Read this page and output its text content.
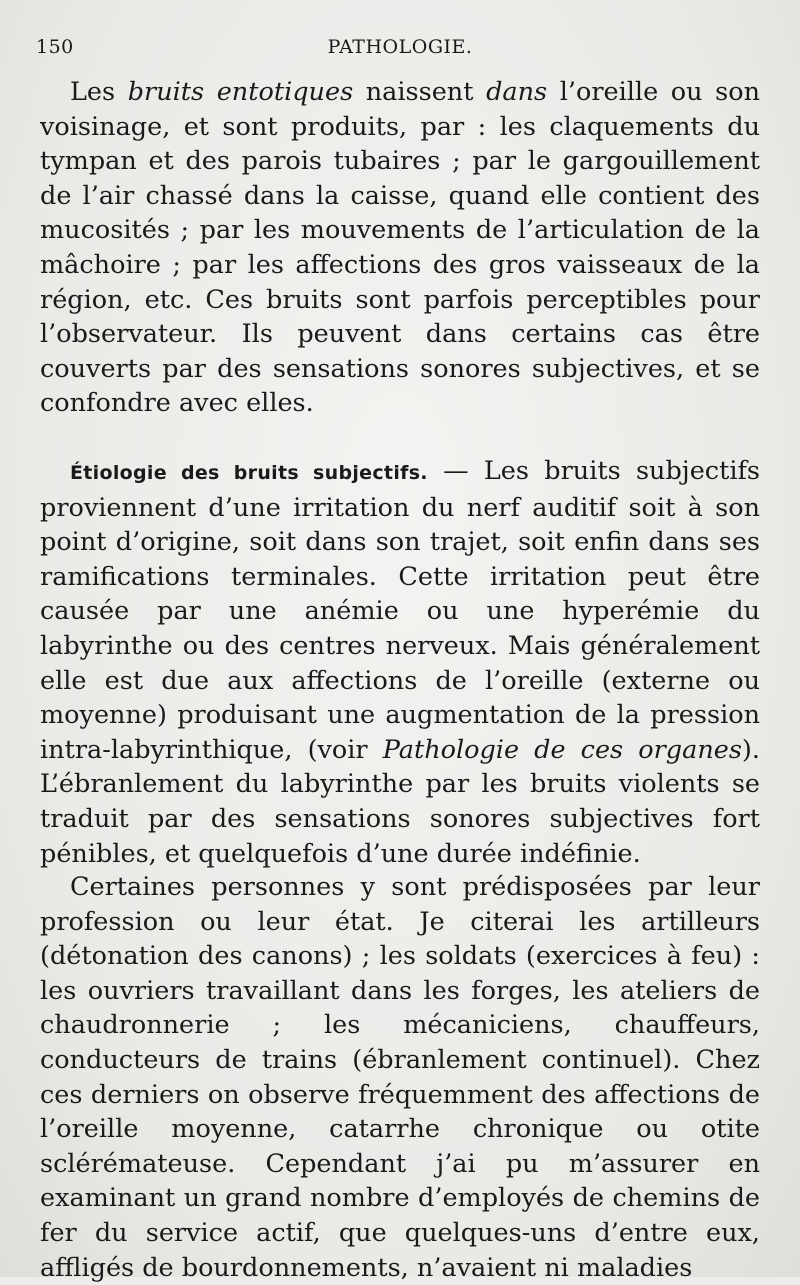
150	PATHOLOGIE.

Les bruits entotiques naissent dans l’oreille ou son voisinage, et sont produits, par : les claquements du tympan et des parois tubaires ; par le gargouillement de l’air chassé dans la caisse, quand elle contient des mucosités ; par les mouvements de l’articulation de la mâchoire ; par les affections des gros vaisseaux de la région, etc. Ces bruits sont parfois perceptibles pour l’observateur. Ils peuvent dans certains cas être couverts par des sensations sonores subjectives, et se confondre avec elles.

Étiologie des bruits subjectifs. — Les bruits subjectifs proviennent d’une irritation du nerf auditif soit à son point d’origine, soit dans son trajet, soit enfin dans ses ramifications terminales. Cette irritation peut être causée par une anémie ou une hyperémie du labyrinthe ou des centres nerveux. Mais généralement elle est due aux affections de l’oreille (externe ou moyenne) produisant une augmentation de la pression intra-labyrinthique, (voir Pathologie de ces organes). L’ébranlement du labyrinthe par les bruits violents se traduit par des sensations sonores subjectives fort pénibles, et quelquefois d’une durée indéfinie.

Certaines personnes y sont prédisposées par leur profession ou leur état. Je citerai les artilleurs (détonation des canons) ; les soldats (exercices à feu) : les ouvriers travaillant dans les forges, les ateliers de chaudronnerie ; les mécaniciens, chauffeurs, conducteurs de trains (ébranlement continuel). Chez ces derniers on observe fréquemment des affections de l’oreille moyenne, catarrhe chronique ou otite sclérémateuse. Cependant j’ai pu m’assurer en examinant un grand nombre d’employés de chemins de fer du service actif, que quelques-uns d’entre eux, affligés de bourdonnements, n’avaient ni maladies
